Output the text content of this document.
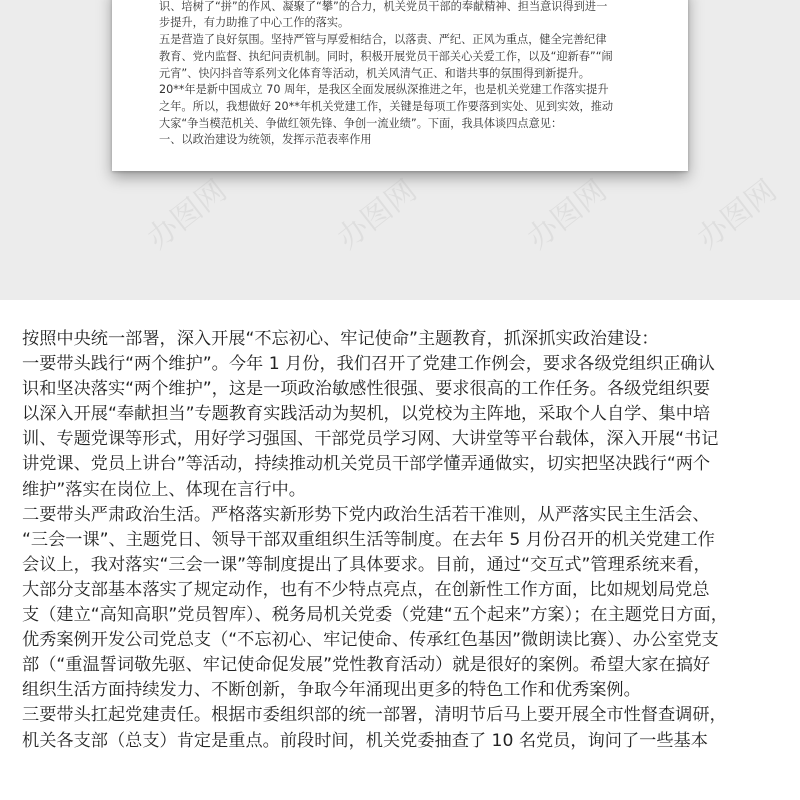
识、培树了“拼”的作风、凝聚了“攀”的合力，机关党员干部的奉献精神、担当意识得到进一

步提升，有力助推了中心工作的落实。

五是营造了良好氛围。坚持严管与厚爱相结合，以落责、严纪、正风为重点，健全完善纪律

教育、党内监督、执纪问责机制。同时，积极开展党员干部关心关爱工作，以及“迎新春”“闹

元宵”、快闪抖音等系列文化体育等活动，机关风清气正、和谐共事的氛围得到新提升。

20**年是新中国成立 70 周年，是我区全面发展纵深推进之年，也是机关党建工作落实提升

之年。所以，我想做好 20**年机关党建工作，关键是每项工作要落到实处、见到实效，推动

大家“争当模范机关、争做红领先锋、争创一流业绩”。下面，我具体谈四点意见：

一、以政治建设为统领，发挥示范表率作用

办图网	办图网	办图网	办图网

按照中央统一部署，深入开展“不忘初心、牢记使命”主题教育，抓深抓实政治建设：

一要带头践行“两个维护”。今年 1 月份，我们召开了党建工作例会，要求各级党组织正确认

识和坚决落实“两个维护”，这是一项政治敏感性很强、要求很高的工作任务。各级党组织要

以深入开展“奉献担当”专题教育实践活动为契机，以党校为主阵地，采取个人自学、集中培

训、专题党课等形式，用好学习强国、干部党员学习网、大讲堂等平台载体，深入开展“书记

讲党课、党员上讲台”等活动，持续推动机关党员干部学懂弄通做实，切实把坚决践行“两个

维护”落实在岗位上、体现在言行中。

二要带头严肃政治生活。严格落实新形势下党内政治生活若干准则，从严落实民主生活会、

“三会一课”、主题党日、领导干部双重组织生活等制度。在去年 5 月份召开的机关党建工作

会议上，我对落实“三会一课”等制度提出了具体要求。目前，通过“交互式”管理系统来看，

大部分支部基本落实了规定动作，也有不少特点亮点，在创新性工作方面，比如规划局党总

支（建立“高知高职”党员智库）、税务局机关党委（党建“五个起来”方案）；在主题党日方面，

优秀案例开发公司党总支（“不忘初心、牢记使命、传承红色基因”微朗读比赛）、办公室党支

部（“重温誓词敬先驱、牢记使命促发展”党性教育活动）就是很好的案例。希望大家在搞好

组织生活方面持续发力、不断创新，争取今年涌现出更多的特色工作和优秀案例。

三要带头扛起党建责任。根据市委组织部的统一部署，清明节后马上要开展全市性督查调研，

机关各支部（总支）肯定是重点。前段时间，机关党委抽查了 10 名党员，询问了一些基本
